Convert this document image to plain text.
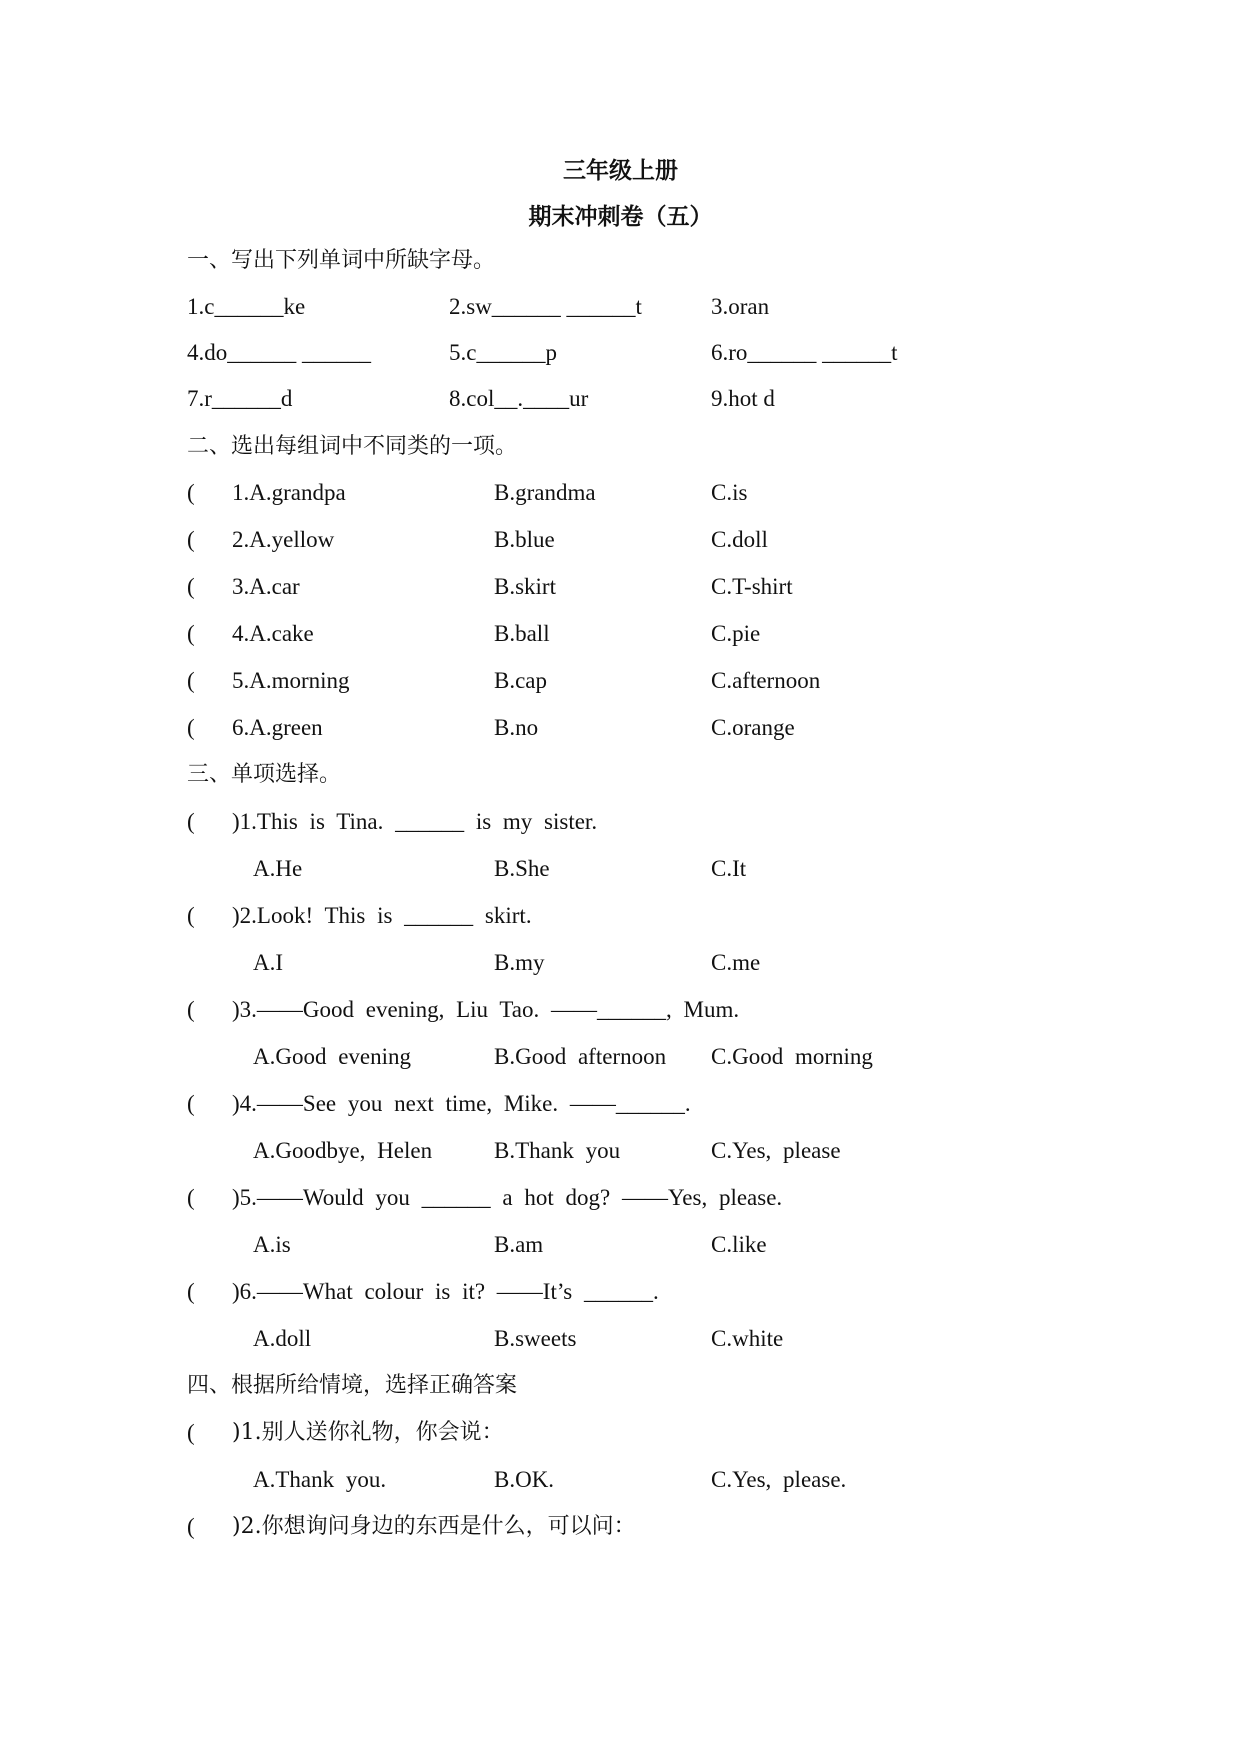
三年级上册
期末冲刺卷（五）
一、写出下列单词中所缺字母。
1.c______ke	2.sw______ ______t	3.oran
4.do______ ______	5.c______p	6.ro______ ______t
7.r______d	8.col__.____ur	9.hot d
二、选出每组词中不同类的一项。
( 1.A.grandpa	B.grandma	C.is
( 2.A.yellow	B.blue	C.doll
( 3.A.car	B.skirt	C.T-shirt
( 4.A.cake	B.ball	C.pie
( 5.A.morning	B.cap	C.afternoon
( 6.A.green	B.no	C.orange
三、单项选择。
( )1.This is Tina. ______ is my sister.
A.He	B.She	C.It
( )2.Look! This is ______ skirt.
A.I	B.my	C.me
( )3.——Good evening, Liu Tao. ——______, Mum.
A.Good evening	B.Good afternoon C.Good morning
( )4.——See you next time, Mike. ——______.
A.Goodbye, Helen	B.Thank you	C.Yes, please
( )5.——Would you ______ a hot dog? ——Yes, please.
A.is	B.am	C.like
( )6.——What colour is it? ——It’s ______.
A.doll	B.sweets	C.white
四、根据所给情境，选择正确答案
( )1.别人送你礼物，你会说：
A.Thank you.	B.OK.	C.Yes, please.
( )2.你想询问身边的东西是什么，可以问：
